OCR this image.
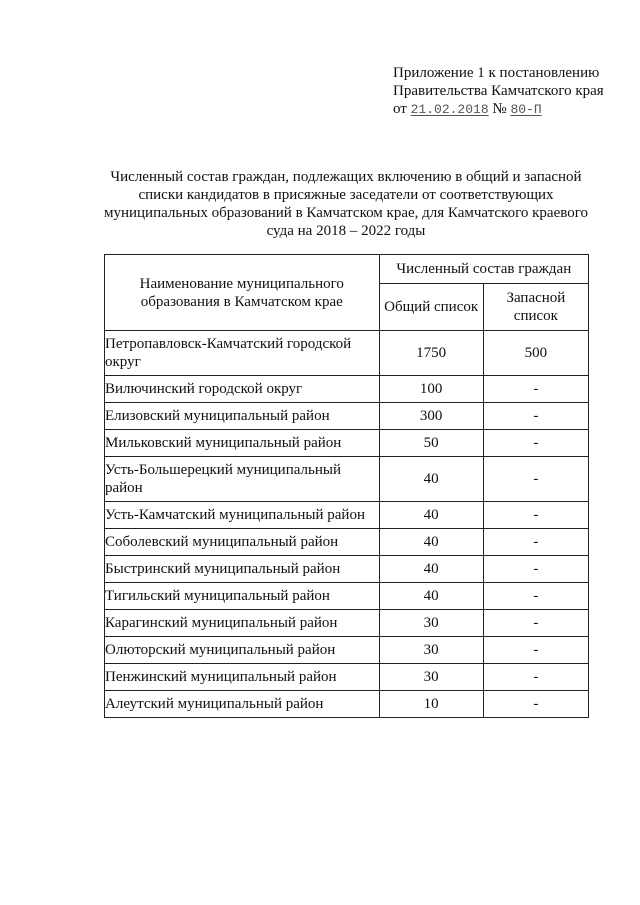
Приложение 1 к постановлению
Правительства Камчатского края
от 21.02.2018 № 80-П
Численный состав граждан, подлежащих включению в общий и запасной списки кандидатов в присяжные заседатели от соответствующих муниципальных образований в Камчатском крае, для Камчатского краевого суда на 2018 – 2022 годы
Наименование муниципального образования в Камчатском крае	Численный состав граждан	
	Общий список	Запасной список
Петропавловск-Камчатский городской округ	1750	500
Вилючинский городской округ	100	-
Елизовский муниципальный район	300	-
Мильковский муниципальный район	50	-
Усть-Большерецкий муниципальный район	40	-
Усть-Камчатский муниципальный район	40	-
Соболевский муниципальный район	40	-
Быстринский муниципальный район	40	-
Тигильский муниципальный район	40	-
Карагинский муниципальный район	30	-
Олюторский муниципальный район	30	-
Пенжинский муниципальный район	30	-
Алеутский муниципальный район	10	-
